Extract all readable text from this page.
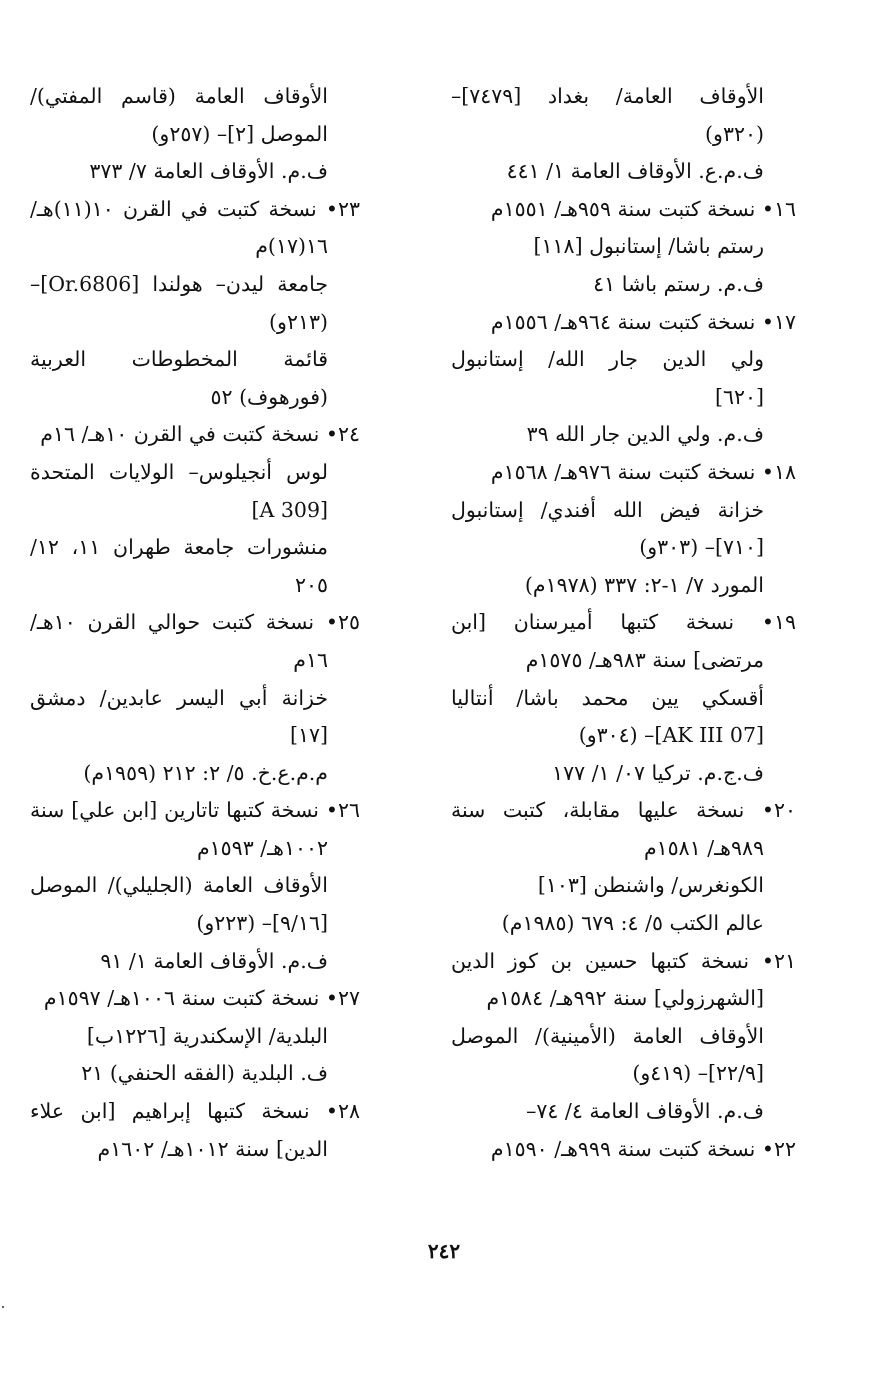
الأوقاف العامة/ بغداد [٧٤٧٩]–
(٣٢٠و)
ف.م.ع. الأوقاف العامة ١/ ٤٤١
١٦• نسخة كتبت سنة ٩٥٩هـ/ ١٥٥١م
رستم باشا/ إستانبول [١١٨]
ف.م. رستم باشا ٤١
١٧• نسخة كتبت سنة ٩٦٤هـ/ ١٥٥٦م
ولي الدين جار الله/ إستانبول
[٦٢٠]
ف.م. ولي الدين جار الله ٣٩
١٨• نسخة كتبت سنة ٩٧٦هـ/ ١٥٦٨م
خزانة فيض الله أفندي/ إستانبول
[٧١٠]– (٣٠٣و)
المورد ٧/ ١-٢: ٣٣٧ (١٩٧٨م)
١٩• نسخة كتبها أميرسنان [ابن
مرتضى] سنة ٩٨٣هـ/ ١٥٧٥م
أقسكي يين محمد باشا/ أنتاليا
[07 AK III]– (٣٠٤و)
ف.ج.م. تركيا ٠٧/ ١/ ١٧٧
٢٠• نسخة عليها مقابلة، كتبت سنة
٩٨٩هـ/ ١٥٨١م
الكونغرس/ واشنطن [١٠٣]
عالم الكتب ٥/ ٤: ٦٧٩ (١٩٨٥م)
٢١• نسخة كتبها حسين بن كوز الدين
[الشهرزولي] سنة ٩٩٢هـ/ ١٥٨٤م
الأوقاف العامة (الأمينية)/ الموصل
[٢٢/٩]– (٤١٩و)
ف.م. الأوقاف العامة ٤/ ٧٤–
٢٢• نسخة كتبت سنة ٩٩٩هـ/ ١٥٩٠م
الأوقاف العامة (قاسم المفتي)/
الموصل [٢]– (٢٥٧و)
ف.م. الأوقاف العامة ٧/ ٣٧٣
٢٣• نسخة كتبت في القرن ١٠(١١)هـ/
١٦(١٧)م
جامعة ليدن– هولندا [Or.6806]–
(٢١٣و)
قائمة المخطوطات العربية
(فورهوف) ٥٢
٢٤• نسخة كتبت في القرن ١٠هـ/ ١٦م
لوس أنجيلوس– الولايات المتحدة
[A 309]
منشورات جامعة طهران ١١، ١٢/
٢٠٥
٢٥• نسخة كتبت حوالي القرن ١٠هـ/
١٦م
خزانة أبي اليسر عابدين/ دمشق
[١٧]
م.م.ع.خ. ٥/ ٢: ٢١٢ (١٩٥٩م)
٢٦• نسخة كتبها تاتارين [ابن علي] سنة
١٠٠٢هـ/ ١٥٩٣م
الأوقاف العامة (الجليلي)/ الموصل
[٩/١٦]– (٢٢٣و)
ف.م. الأوقاف العامة ١/ ٩١
٢٧• نسخة كتبت سنة ١٠٠٦هـ/ ١٥٩٧م
البلدية/ الإسكندرية [١٢٢٦ب]
ف. البلدية (الفقه الحنفي) ٢١
٢٨• نسخة كتبها إبراهيم [ابن علاء
الدين] سنة ١٠١٢هـ/ ١٦٠٢م
٢٤٢
